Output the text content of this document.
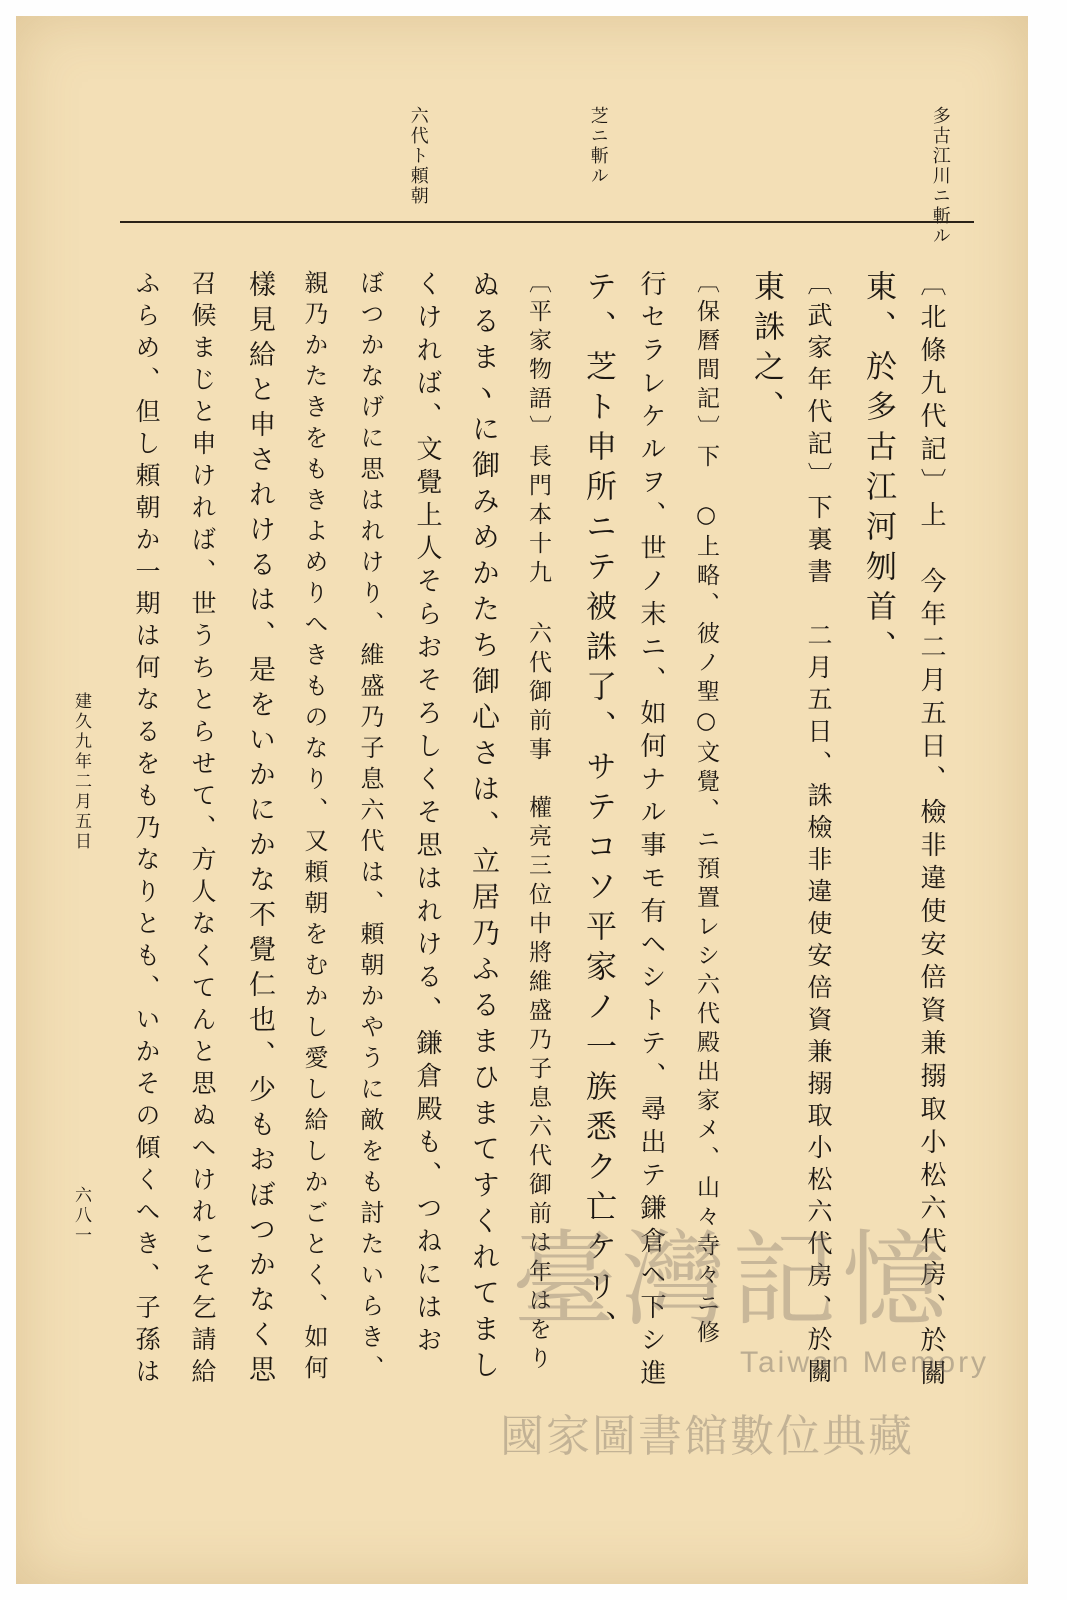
多古江川ニ斬ル
芝ニ斬ル
六代ト頼朝
〔北條九代記〕上　今年二月五日、檢非違使安倍資兼搦取小松六代房、於關
東、於多古江河刎首、
〔武家年代記〕下裏書　二月五日、誅檢非違使安倍資兼搦取小松六代房、於關
東誅之、
〔保曆間記〕下　○上略、彼ノ聖○文覺、ニ預置レシ六代殿出家メ、山々寺々ニ修
行セラレケルヲ、世ノ末ニ、如何ナル事モ有ヘシトテ、尋出テ鎌倉ヘ下シ進
テ、芝ト申所ニテ被誅了、サテコソ平家ノ一族悉ク亡ケリ、
〔平家物語〕長門本十九 六代御前事　權亮三位中將維盛乃子息六代御前は年はをり
ぬるまヽに御みめかたち御心さは、立居乃ふるまひまてすくれてまし
くければ、文覺上人そらおそろしくそ思はれける、鎌倉殿も、つねにはお
ぼつかなげに思はれけり、維盛乃子息六代は、頼朝かやうに敵をも討たいらき、
親乃かたきをもきよめりへきものなり、又頼朝をむかし愛し給しかごとく、如何
樣見給と申されけるは、是をいかにかな不覺仁也、少もおぼつかなく思
召候まじと申ければ、世うちとらせて、方人なくてんと思ぬへけれこそ乞請給
ふらめ、但し頼朝か一期は何なるをも乃なりとも、いかその傾くへき、子孫は
建久九年二月五日
六八一
臺灣記憶
Taiwan Memory
國家圖書館數位典藏
